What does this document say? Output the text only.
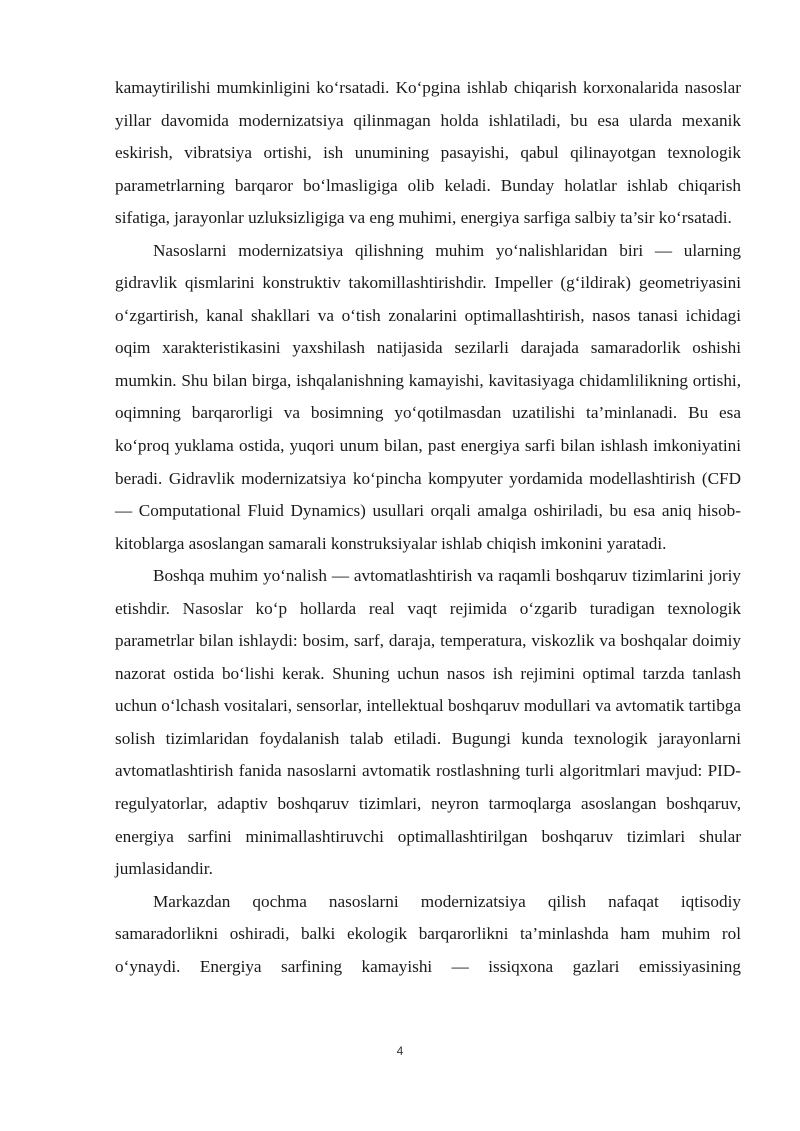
kamaytirilishi mumkinligini ko‘rsatadi. Ko‘pgina ishlab chiqarish korxonalarida nasoslar yillar davomida modernizatsiya qilinmagan holda ishlatiladi, bu esa ularda mexanik eskirish, vibratsiya ortishi, ish unumining pasayishi, qabul qilinayotgan texnologik parametrlarning barqaror bo‘lmasligiga olib keladi. Bunday holatlar ishlab chiqarish sifatiga, jarayonlar uzluksizligiga va eng muhimi, energiya sarfiga salbiy ta’sir ko‘rsatadi.

Nasoslarni modernizatsiya qilishning muhim yo‘nalishlaridan biri — ularning gidravlik qismlarini konstruktiv takomillashtirishdir. Impeller (g‘ildirak) geometriyasini o‘zgartirish, kanal shakllari va o‘tish zonalarini optimallashtirish, nasos tanasi ichidagi oqim xarakteristikasini yaxshilash natijasida sezilarli darajada samaradorlik oshishi mumkin. Shu bilan birga, ishqalanishning kamayishi, kavitasiyaga chidamlilikning ortishi, oqimning barqarorligi va bosimning yo‘qotilmasdan uzatilishi ta’minlanadi. Bu esa ko‘proq yuklama ostida, yuqori unum bilan, past energiya sarfi bilan ishlash imkoniyatini beradi. Gidravlik modernizatsiya ko‘pincha kompyuter yordamida modellashtirish (CFD — Computational Fluid Dynamics) usullari orqali amalga oshiriladi, bu esa aniq hisob-kitoblarga asoslangan samarali konstruksiyalar ishlab chiqish imkonini yaratadi.

Boshqa muhim yo‘nalish — avtomatlashtirish va raqamli boshqaruv tizimlarini joriy etishdir. Nasoslar ko‘p hollarda real vaqt rejimida o‘zgarib turadigan texnologik parametrlar bilan ishlaydi: bosim, sarf, daraja, temperatura, viskozlik va boshqalar doimiy nazorat ostida bo‘lishi kerak. Shuning uchun nasos ish rejimini optimal tarzda tanlash uchun o‘lchash vositalari, sensorlar, intellektual boshqaruv modullari va avtomatik tartibga solish tizimlaridan foydalanish talab etiladi. Bugungi kunda texnologik jarayonlarni avtomatlashtirish fanida nasoslarni avtomatik rostlashning turli algoritmlari mavjud: PID-regulyatorlar, adaptiv boshqaruv tizimlari, neyron tarmoqlarga asoslangan boshqaruv, energiya sarfini minimallashtiruvchi optimallashtirilgan boshqaruv tizimlari shular jumlasidandir.

Markazdan qochma nasoslarni modernizatsiya qilish nafaqat iqtisodiy samaradorlikni oshiradi, balki ekologik barqarorlikni ta’minlashda ham muhim rol o‘ynaydi. Energiya sarfining kamayishi — issiqxona gazlari emissiyasining

4
